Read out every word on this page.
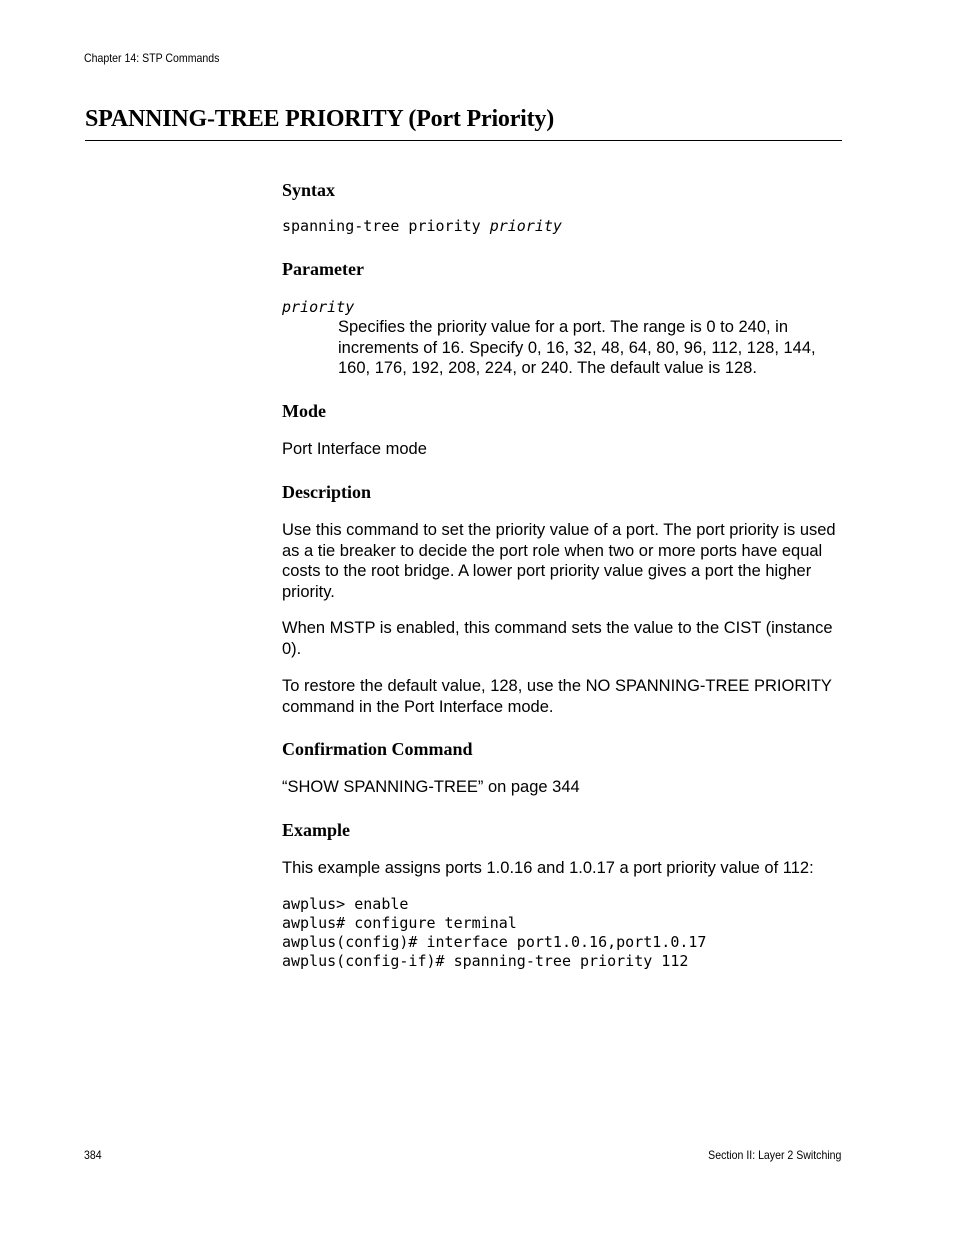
Chapter 14: STP Commands
SPANNING-TREE PRIORITY (Port Priority)
Syntax
spanning-tree priority priority
Parameter
priority

Specifies the priority value for a port. The range is 0 to 240, in increments of 16. Specify 0, 16, 32, 48, 64, 80, 96, 112, 128, 144, 160, 176, 192, 208, 224, or 240. The default value is 128.

Mode

Port Interface mode

Description

Use this command to set the priority value of a port. The port priority is used as a tie breaker to decide the port role when two or more ports have equal costs to the root bridge. A lower port priority value gives a port the higher priority.

When MSTP is enabled, this command sets the value to the CIST (instance 0).

To restore the default value, 128, use the NO SPANNING-TREE PRIORITY command in the Port Interface mode.

Confirmation Command

“SHOW SPANNING-TREE” on page 344

Example

This example assigns ports 1.0.16 and 1.0.17 a port priority value of 112:

awplus> enable
awplus# configure terminal
awplus(config)# interface port1.0.16,port1.0.17
awplus(config-if)# spanning-tree priority 112
384	Section II: Layer 2 Switching
